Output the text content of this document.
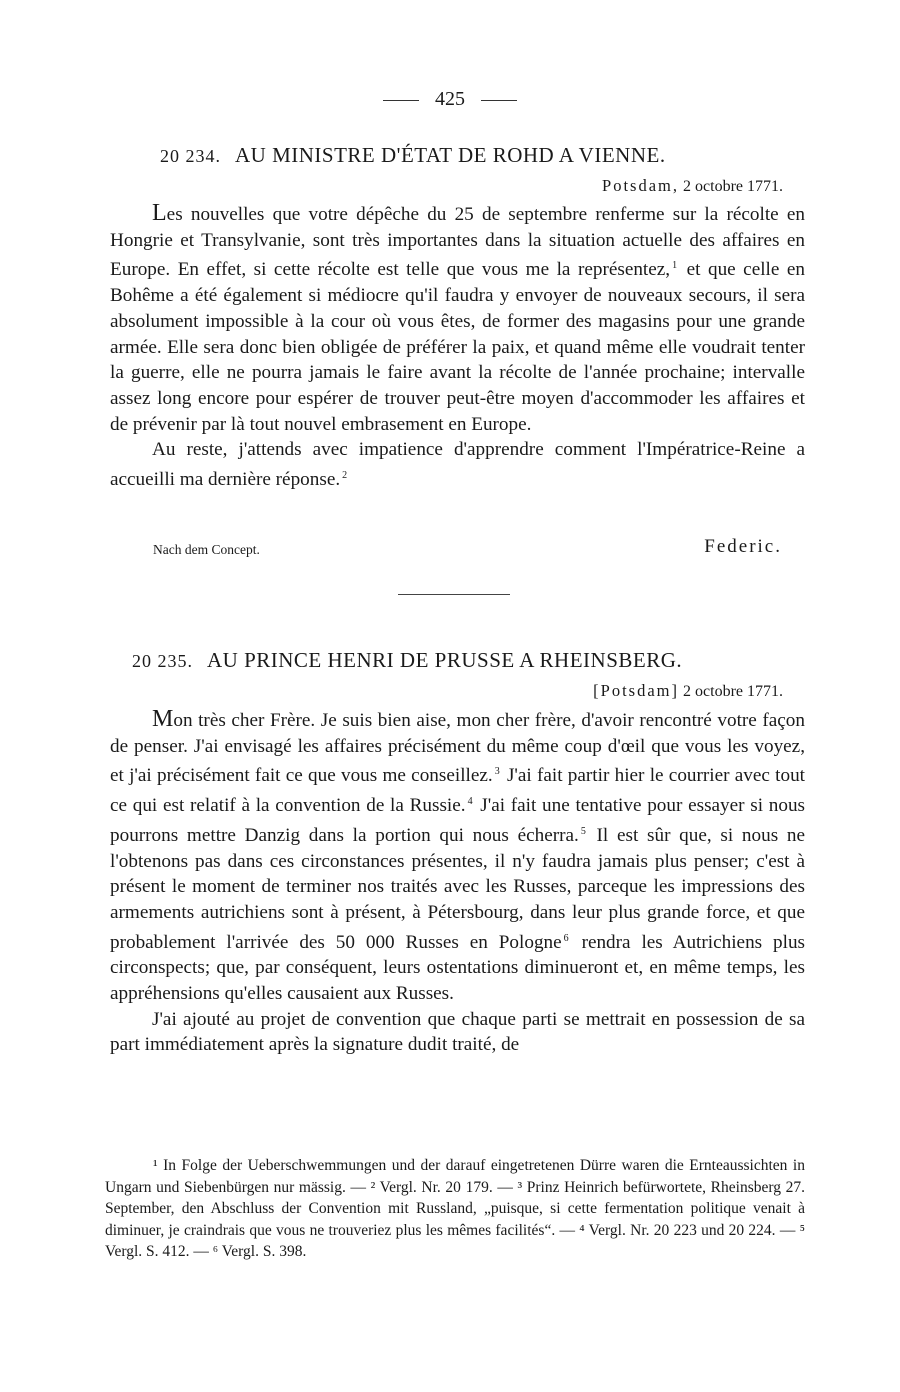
425
20 234. AU MINISTRE D'ÉTAT DE ROHD A VIENNE.
Potsdam, 2 octobre 1771.

Les nouvelles que votre dépêche du 25 de septembre renferme sur la récolte en Hongrie et Transylvanie, sont très importantes dans la situation actuelle des affaires en Europe. En effet, si cette récolte est telle que vous me la représentez, $^1$ et que celle en Bohême a été également si médiocre qu'il faudra y envoyer de nouveaux secours, il sera absolument impossible à la cour où vous êtes, de former des magasins pour une grande armée. Elle sera donc bien obligée de préférer la paix, et quand même elle voudrait tenter la guerre, elle ne pourra jamais le faire avant la récolte de l'année prochaine; intervalle assez long encore pour espérer de trouver peut-être moyen d'accommoder les affaires et de prévenir par là tout nouvel embrasement en Europe.

Au reste, j'attends avec impatience d'apprendre comment l'Impératrice-Reine a accueilli ma dernière réponse. $^2$

Nach dem Concept.	Federic.
20 235. AU PRINCE HENRI DE PRUSSE A RHEINSBERG.
[Potsdam] 2 octobre 1771.

Mon très cher Frère. Je suis bien aise, mon cher frère, d'avoir rencontré votre façon de penser. J'ai envisagé les affaires précisément du même coup d'œil que vous les voyez, et j'ai précisément fait ce que vous me conseillez. $^3$ J'ai fait partir hier le courrier avec tout ce qui est relatif à la convention de la Russie. $^4$ J'ai fait une tentative pour essayer si nous pourrons mettre Danzig dans la portion qui nous écherra. $^5$ Il est sûr que, si nous ne l'obtenons pas dans ces circonstances présentes, il n'y faudra jamais plus penser; c'est à présent le moment de terminer nos traités avec les Russes, parceque les impressions des armements autrichiens sont à présent, à Pétersbourg, dans leur plus grande force, et que probablement l'arrivée des 50 000 Russes en Pologne $^6$ rendra les Autrichiens plus circonspects; que, par conséquent, leurs ostentations diminueront et, en même temps, les appréhensions qu'elles causaient aux Russes.

J'ai ajouté au projet de convention que chaque parti se mettrait en possession de sa part immédiatement après la signature dudit traité, de

¹ In Folge der Ueberschwemmungen und der darauf eingetretenen Dürre waren die Ernteaussichten in Ungarn und Siebenbürgen nur mässig. — ² Vergl. Nr. 20 179. — ³ Prinz Heinrich befürwortete, Rheinsberg 27. September, den Abschluss der Convention mit Russland, „puisque, si cette fermentation politique venait à diminuer, je craindrais que vous ne trouveriez plus les mêmes facilités“. — ⁴ Vergl. Nr. 20 223 und 20 224. — ⁵ Vergl. S. 412. — ⁶ Vergl. S. 398.
